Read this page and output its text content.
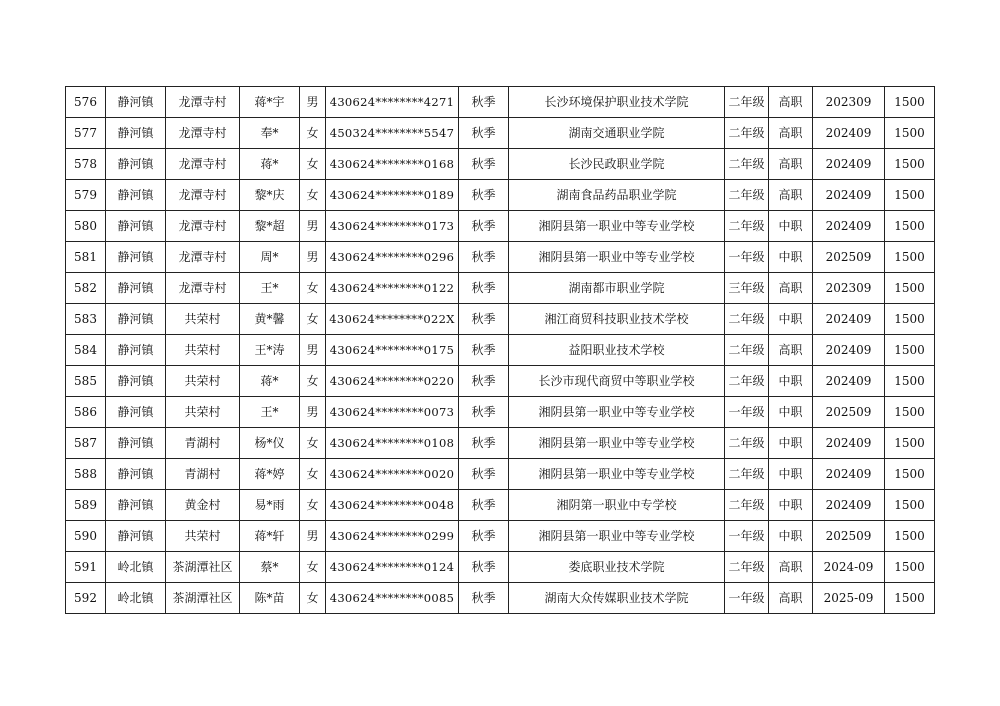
576	静河镇	龙潭寺村	蒋*宇	男	430624********4271	秋季	长沙环境保护职业技术学院	二年级	高职	202309	1500
577	静河镇	龙潭寺村	奉*	女	450324********5547	秋季	湖南交通职业学院	二年级	高职	202409	1500
578	静河镇	龙潭寺村	蒋*	女	430624********0168	秋季	长沙民政职业学院	二年级	高职	202409	1500
579	静河镇	龙潭寺村	黎*庆	女	430624********0189	秋季	湖南食品药品职业学院	二年级	高职	202409	1500
580	静河镇	龙潭寺村	黎*超	男	430624********0173	秋季	湘阴县第一职业中等专业学校	二年级	中职	202409	1500
581	静河镇	龙潭寺村	周*	男	430624********0296	秋季	湘阴县第一职业中等专业学校	一年级	中职	202509	1500
582	静河镇	龙潭寺村	王*	女	430624********0122	秋季	湖南都市职业学院	三年级	高职	202309	1500
583	静河镇	共荣村	黄*馨	女	430624********022X	秋季	湘江商贸科技职业技术学校	二年级	中职	202409	1500
584	静河镇	共荣村	王*涛	男	430624********0175	秋季	益阳职业技术学校	二年级	高职	202409	1500
585	静河镇	共荣村	蒋*	女	430624********0220	秋季	长沙市现代商贸中等职业学校	二年级	中职	202409	1500
586	静河镇	共荣村	王*	男	430624********0073	秋季	湘阴县第一职业中等专业学校	一年级	中职	202509	1500
587	静河镇	青湖村	杨*仪	女	430624********0108	秋季	湘阴县第一职业中等专业学校	二年级	中职	202409	1500
588	静河镇	青湖村	蒋*婷	女	430624********0020	秋季	湘阴县第一职业中等专业学校	二年级	中职	202409	1500
589	静河镇	黄金村	易*雨	女	430624********0048	秋季	湘阴第一职业中专学校	二年级	中职	202409	1500
590	静河镇	共荣村	蒋*轩	男	430624********0299	秋季	湘阴县第一职业中等专业学校	一年级	中职	202509	1500
591	岭北镇	茶湖潭社区	蔡*	女	430624********0124	秋季	娄底职业技术学院	二年级	高职	2024-09	1500
592	岭北镇	茶湖潭社区	陈*苗	女	430624********0085	秋季	湖南大众传媒职业技术学院	一年级	高职	2025-09	1500
